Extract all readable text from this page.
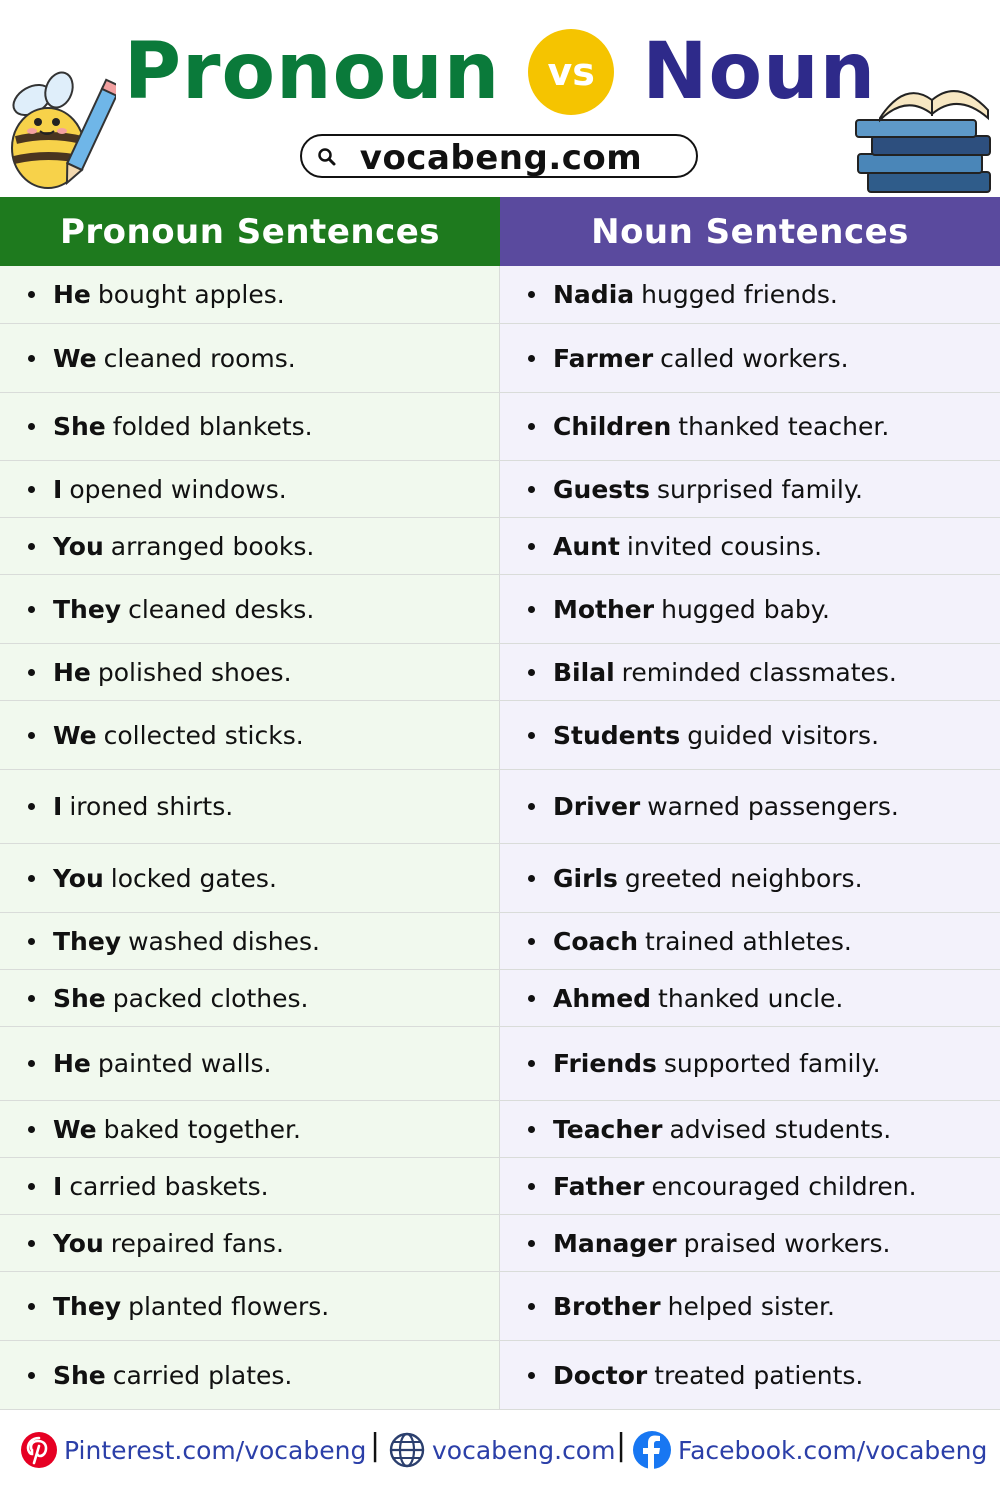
Pronoun	vs Noun
vocabeng.com
Pronoun Sentences	Noun Sentences
He bought apples.	Nadia hugged friends.
We cleaned rooms.	Farmer called workers.
She folded blankets.	Children thanked teacher.
I opened windows.	Guests surprised family.
You arranged books.	Aunt invited cousins.
They cleaned desks.	Mother hugged baby.
He polished shoes.	Bilal reminded classmates.
We collected sticks.	Students guided visitors.
I ironed shirts.	Driver warned passengers.
You locked gates.	Girls greeted neighbors.
They washed dishes.	Coach trained athletes.
She packed clothes.	Ahmed thanked uncle.
He painted walls.	Friends supported family.
We baked together.	Teacher advised students.
I carried baskets.	Father encouraged children.
You repaired fans.	Manager praised workers.
They planted flowers.	Brother helped sister.
She carried plates.	Doctor treated patients.
Pinterest.com/vocabeng | vocabeng.com | Facebook.com/vocabeng
